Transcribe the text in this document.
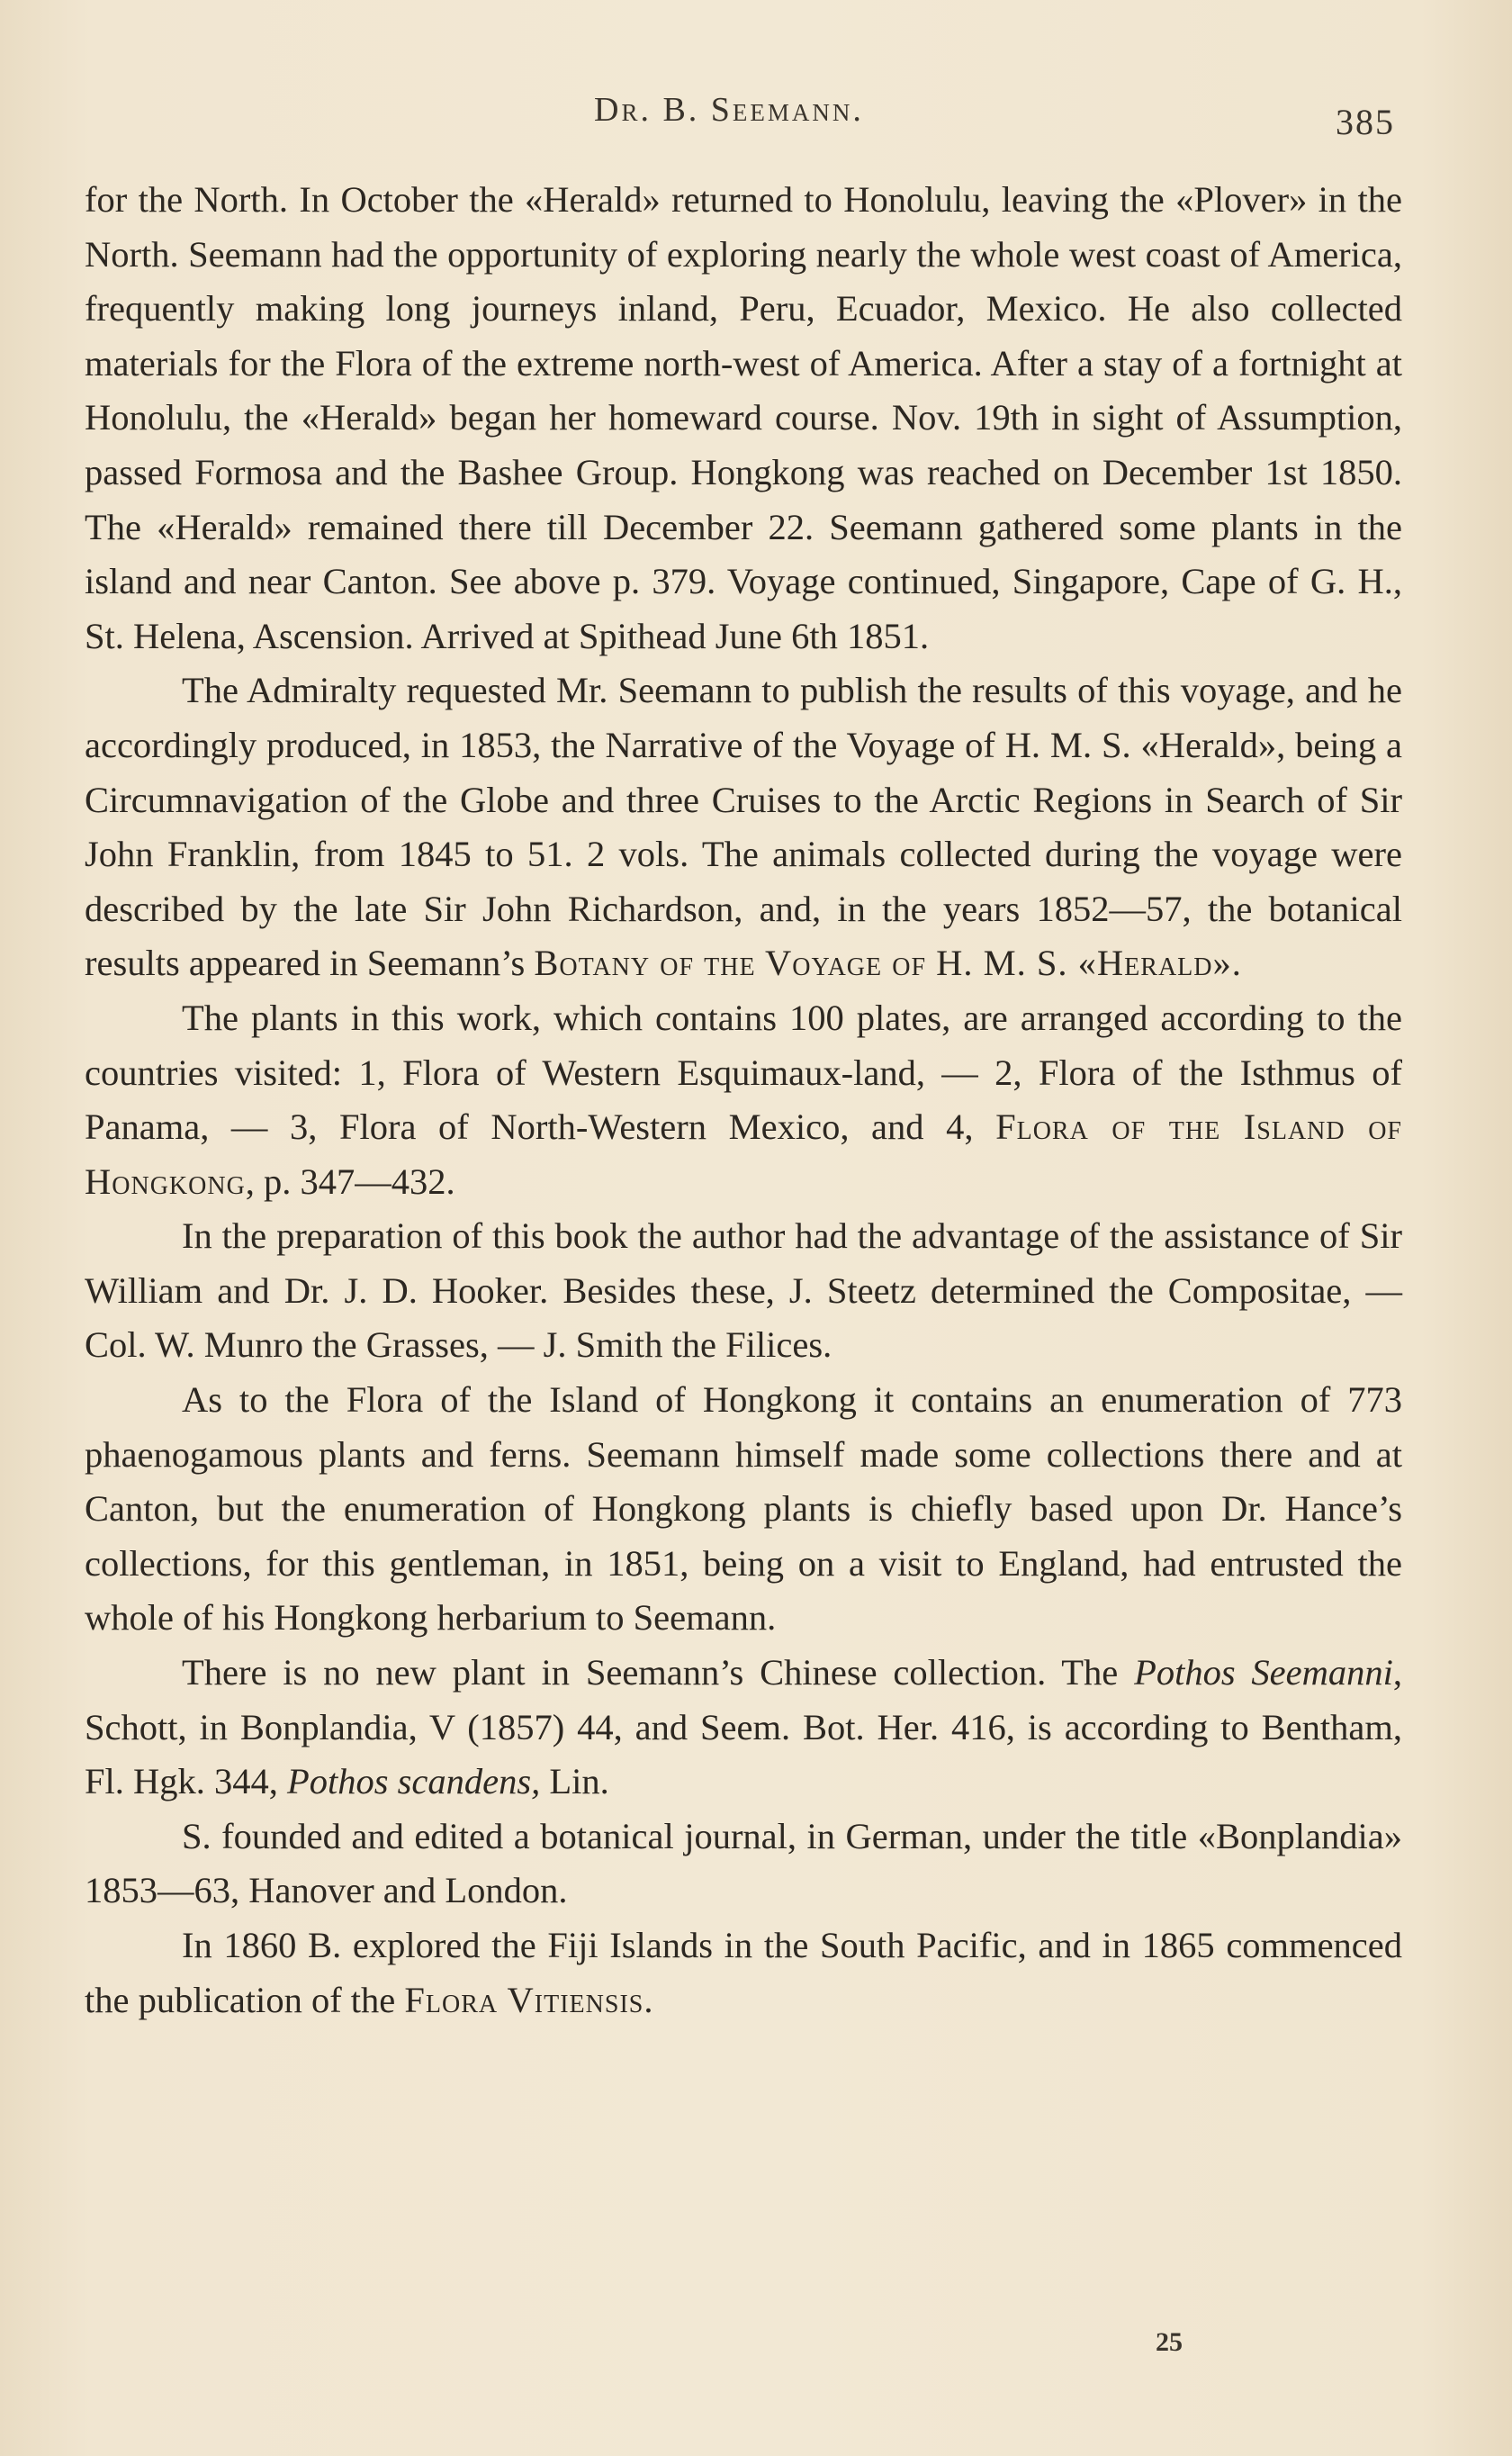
Dr. B. Seemann.	385

for the North. In October the «Herald» returned to Honolulu, leaving the «Plover» in the North. Seemann had the opportunity of exploring nearly the whole west coast of America, frequently making long journeys inland, Peru, Ecuador, Mexico. He also collected materials for the Flora of the extreme north-west of America. After a stay of a fortnight at Honolulu, the «Herald» began her homeward course. Nov. 19th in sight of Assumption, passed Formosa and the Bashee Group. Hongkong was reached on December 1st 1850. The «Herald» remained there till December 22. Seemann gathered some plants in the island and near Canton. See above p. 379. Voyage continued, Singapore, Cape of G. H., St. Helena, Ascension. Arrived at Spithead June 6th 1851.

The Admiralty requested Mr. Seemann to publish the results of this voyage, and he accordingly produced, in 1853, the Narrative of the Voyage of H. M. S. «Herald», being a Circumnavigation of the Globe and three Cruises to the Arctic Regions in Search of Sir John Franklin, from 1845 to 51. 2 vols. The animals collected during the voyage were described by the late Sir John Richardson, and, in the years 1852—57, the botanical results appeared in Seemann’s Botany of the Voyage of H. M. S. «Herald».

The plants in this work, which contains 100 plates, are arranged according to the countries visited: 1, Flora of Western Esquimaux-land, — 2, Flora of the Isthmus of Panama, — 3, Flora of North-Western Mexico, and 4, Flora of the Island of Hongkong, p. 347—432.

In the preparation of this book the author had the advantage of the assistance of Sir William and Dr. J. D. Hooker. Besides these, J. Steetz determined the Compositae, — Col. W. Munro the Grasses, — J. Smith the Filices.

As to the Flora of the Island of Hongkong it contains an enumeration of 773 phaenogamous plants and ferns. Seemann himself made some collections there and at Canton, but the enumeration of Hongkong plants is chiefly based upon Dr. Hance’s collections, for this gentleman, in 1851, being on a visit to England, had entrusted the whole of his Hongkong herbarium to Seemann.

There is no new plant in Seemann’s Chinese collection. The Pothos Seemanni, Schott, in Bonplandia, V (1857) 44, and Seem. Bot. Her. 416, is according to Bentham, Fl. Hgk. 344, Pothos scandens, Lin.

S. founded and edited a botanical journal, in German, under the title «Bonplandia» 1853—63, Hanover and London.

In 1860 B. explored the Fiji Islands in the South Pacific, and in 1865 commenced the publication of the Flora Vitiensis.

25
